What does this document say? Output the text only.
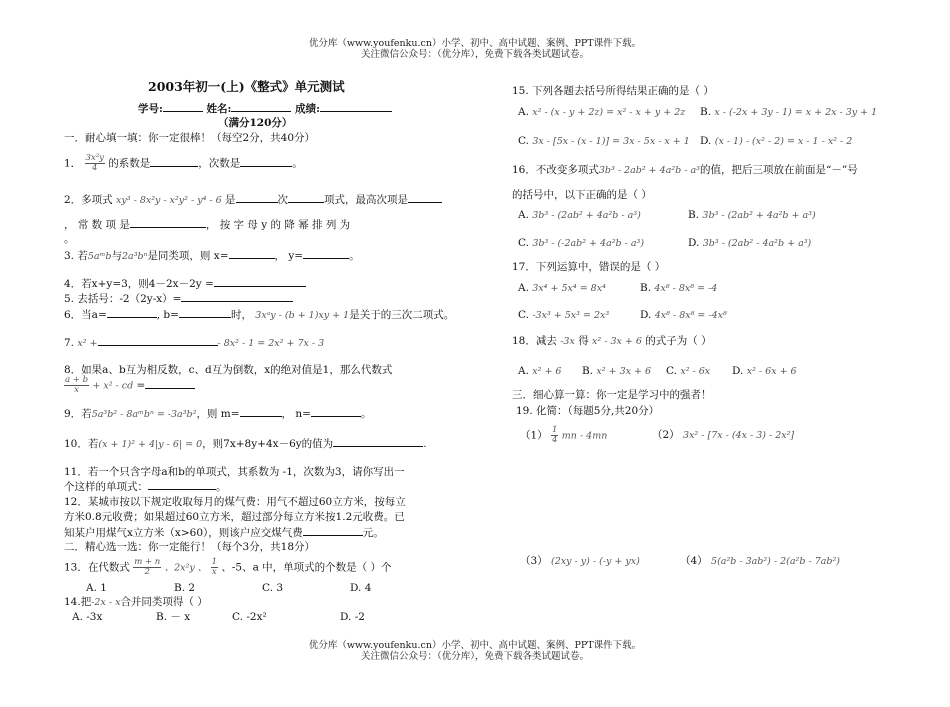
优分库（www.youfenku.cn）小学、初中、高中试题、案例、PPT课件下载。
关注微信公众号：（优分库），免费下载各类试题试卷。
2003年初一(上)《整式》单元测试
学号:	姓名:	成绩:
（满分120分）
一．耐心填一填：你一定很棒！（每空2分，共40分）
1． $\frac{\text{3x²y}}{4}$ 的系数是	，次数是	。
2．多项式 xy³ - 8x²y - x²y² - y⁴ - 6 是	次	项式，最高次项是
， 常 数 项 是	， 按 字 母 y 的 降 幂 排 列 为
。
3. 若5aᵐb与2a³bⁿ是同类项，则 x=	， y=	。
4．若x+y=3，则4－2x－2y =
5. 去括号：-2（2y-x）=
6．当a=	, b=	时， 3xᵃy - (b + 1)xy + 1是关于的三次二项式。
7. x² +	- 8x² - 1 = 2x² + 7x - 3
8．如果a、b互为相反数，c、d互为倒数，x的绝对值是1，那么代数式
$\frac{a + b}{x} + x^2$ - cd =
9．若5a³b² - 8aᵐbⁿ = -3a³b²，则 m=	， n=	。
10．若(x + 1)² + 4|y - 6| = 0，则7x+8y+4x－6y的值为	.
11．若一个只含字母a和b的单项式，其系数为 -1，次数为3，请你写出一
个这样的单项式：	。
12．某城市按以下规定收取每月的煤气费：用气不超过60立方米，按每立
方米0.8元收费；如果超过60立方米，超过部分每立方米按1.2元收费。已
知某户用煤气x立方米（x>60），则该户应交煤气费	元。
二．精心选一选：你一定能行！（每个3分，共18分）
13．在代数式 $\frac{m + n}{2}$ 、2x²y 、 $\frac{1}{x}$ 、-5、a 中，单项式的个数是（ ）个
A. 1	B. 2	C. 3	D. 4
14.把-2x - x合并同类项得（ ）
A. -3x	B. － x	C. -2x²	D. -2
15. 下列各题去括号所得结果正确的是（ ）
A. x² - (x - y + 2z) = x² - x + y + 2z B. x - (-2x + 3y - 1) = x + 2x - 3y + 1
C. 3x - [5x - (x - 1)] = 3x - 5x - x + 1 D. (x - 1) - (x² - 2) = x - 1 - x² - 2
16．不改变多项式3b³ - 2ab² + 4a²b - a³的值，把后三项放在前面是“－”号
的括号中，以下正确的是（ ）
A. 3b³ - (2ab² + 4a²b - a³)	B. 3b³ - (2ab² + 4a²b + a³)
C. 3b³ - (-2ab² + 4a²b - a³)	D. 3b³ - (2ab² - 4a²b + a³)
17．下列运算中，错误的是（ ）
A. 3x⁴ + 5x⁴ = 8x⁴	B. 4x⁸ - 8x⁸ = -4
C. -3x³ + 5x³ = 2x³	D. 4x⁸ - 8x⁸ = -4x⁸
18．减去 -3x 得 x² - 3x + 6 的式子为（ ）
A. x² + 6 B. x² + 3x + 6 C. x² - 6x D. x² - 6x + 6
三．细心算一算：你一定是学习中的强者！
19. 化简：（每题5分,共20分）
$(1) \frac{1}{4}$ mn - 4mn	（2） 3x² - [7x - (4x - 3) - 2x²]
（3） (2xy - y) - (-y + yx)	（4） 5(a²b - 3ab²) - 2(a²b - 7ab²)
优分库（www.youfenku.cn）小学、初中、高中试题、案例、PPT课件下载。
关注微信公众号：（优分库），免费下载各类试题试卷。
